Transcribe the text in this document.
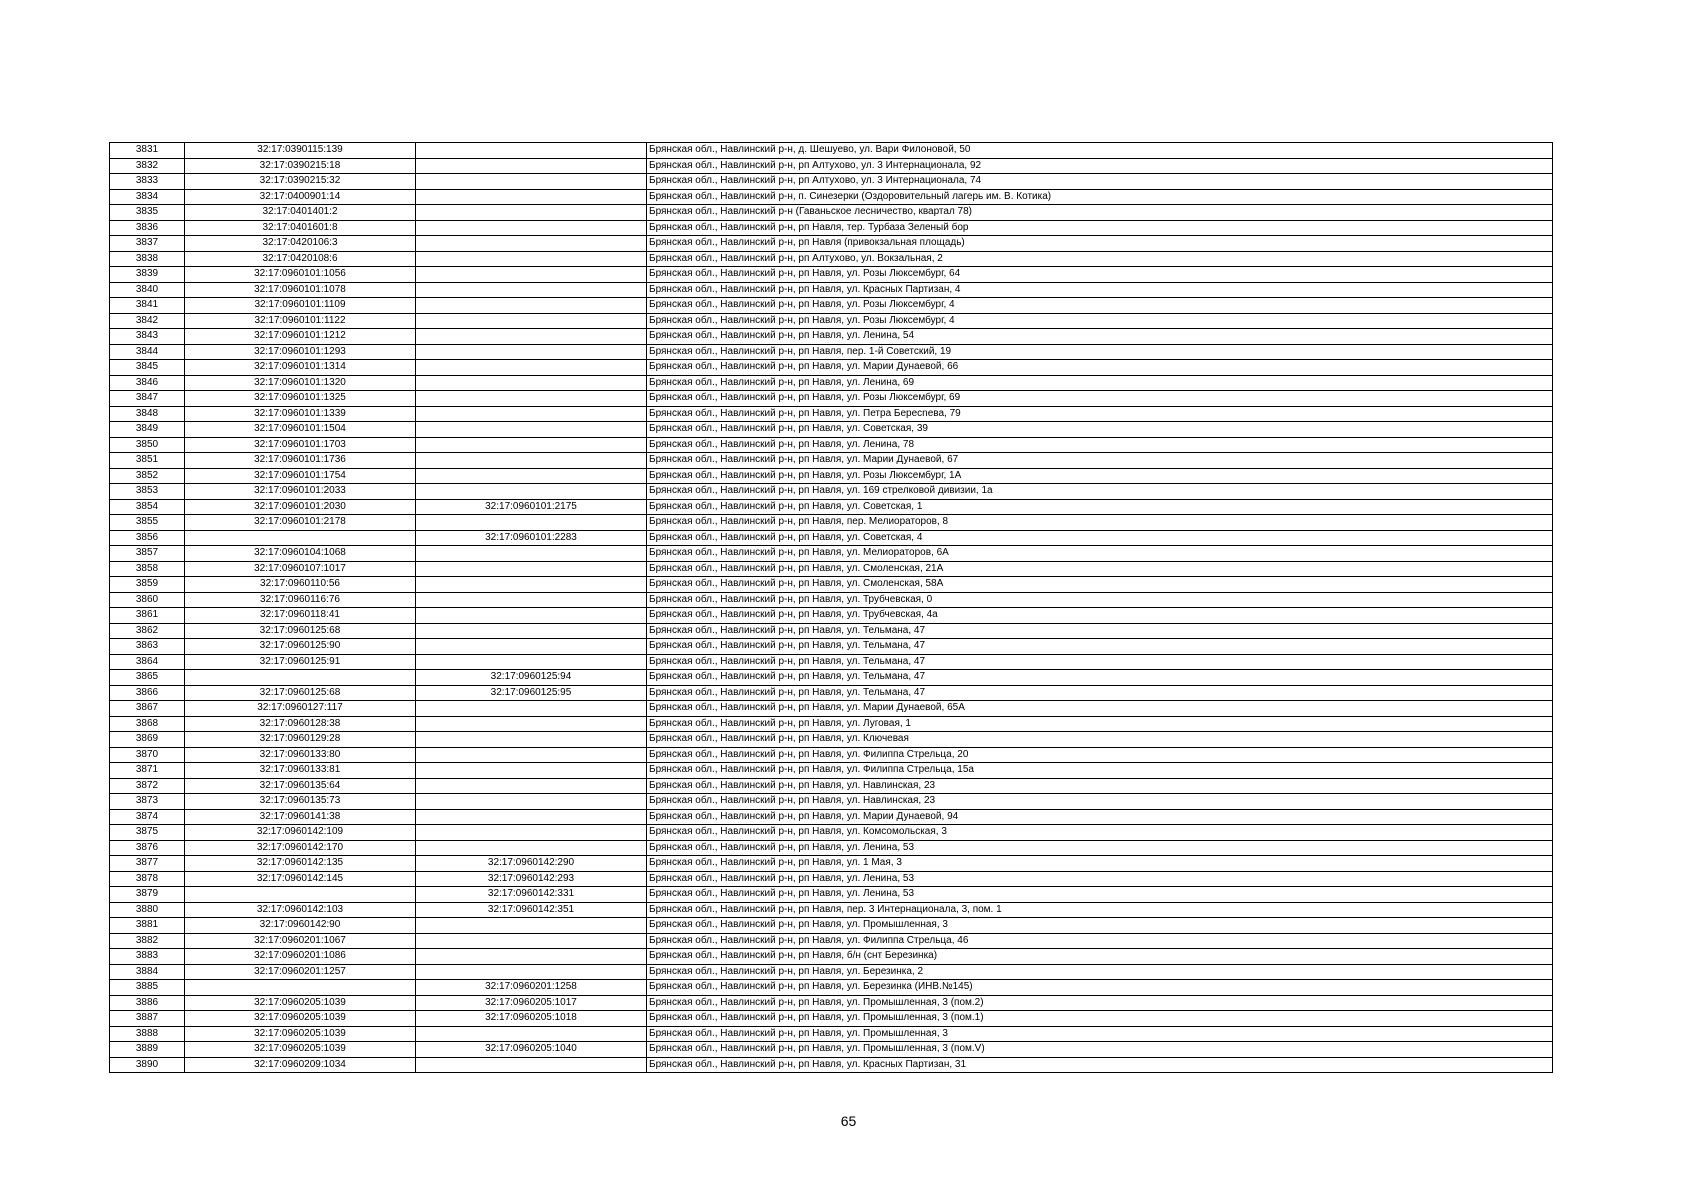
3831	32:17:0390115:139		Брянская обл., Навлинский р-н, д. Шешуево, ул. Вари Филоновой, 50
3832	32:17:0390215:18		Брянская обл., Навлинский р-н, рп Алтухово, ул. 3 Интернационала, 92
3833	32:17:0390215:32		Брянская обл., Навлинский р-н, рп Алтухово, ул. 3 Интернационала, 74
3834	32:17:0400901:14		Брянская обл., Навлинский р-н, п. Синезерки (Оздоровительный лагерь им. В. Котика)
3835	32:17:0401401:2		Брянская обл., Навлинский р-н (Гаваньское лесничество, квартал 78)
3836	32:17:0401601:8		Брянская обл., Навлинский р-н, рп Навля, тер. Турбаза Зеленый бор
3837	32:17:0420106:3		Брянская обл., Навлинский р-н, рп Навля (привокзальная площадь)
3838	32:17:0420108:6		Брянская обл., Навлинский р-н, рп Алтухово, ул. Вокзальная, 2
3839	32:17:0960101:1056		Брянская обл., Навлинский р-н, рп Навля, ул. Розы Люксембург, 64
3840	32:17:0960101:1078		Брянская обл., Навлинский р-н, рп Навля, ул. Красных Партизан, 4
3841	32:17:0960101:1109		Брянская обл., Навлинский р-н, рп Навля, ул. Розы Люксембург, 4
3842	32:17:0960101:1122		Брянская обл., Навлинский р-н, рп Навля, ул. Розы Люксембург, 4
3843	32:17:0960101:1212		Брянская обл., Навлинский р-н, рп Навля, ул. Ленина, 54
3844	32:17:0960101:1293		Брянская обл., Навлинский р-н, рп Навля, пер. 1-й Советский, 19
3845	32:17:0960101:1314		Брянская обл., Навлинский р-н, рп Навля, ул. Марии Дунаевой, 66
3846	32:17:0960101:1320		Брянская обл., Навлинский р-н, рп Навля, ул. Ленина, 69
3847	32:17:0960101:1325		Брянская обл., Навлинский р-н, рп Навля, ул. Розы Люксембург, 69
3848	32:17:0960101:1339		Брянская обл., Навлинский р-н, рп Навля, ул. Петра Бересnева, 79
3849	32:17:0960101:1504		Брянская обл., Навлинский р-н, рп Навля, ул. Советская, 39
3850	32:17:0960101:1703		Брянская обл., Навлинский р-н, рп Навля, ул. Ленина, 78
3851	32:17:0960101:1736		Брянская обл., Навлинский р-н, рп Навля, ул. Марии Дунаевой, 67
3852	32:17:0960101:1754		Брянская обл., Навлинский р-н, рп Навля, ул. Розы Люксембург, 1А
3853	32:17:0960101:2033		Брянская обл., Навлинский р-н, рп Навля, ул. 169 стрелковой дивизии, 1а
3854	32:17:0960101:2030	32:17:0960101:2175	Брянская обл., Навлинский р-н, рп Навля, ул. Советская, 1
3855	32:17:0960101:2178		Брянская обл., Навлинский р-н, рп Навля, пер. Мелиораторов, 8
3856		32:17:0960101:2283	Брянская обл., Навлинский р-н, рп Навля, ул. Советская, 4
3857	32:17:0960104:1068		Брянская обл., Навлинский р-н, рп Навля, ул. Мелиораторов, 6А
3858	32:17:0960107:1017		Брянская обл., Навлинский р-н, рп Навля, ул. Смоленская, 21А
3859	32:17:0960110:56		Брянская обл., Навлинский р-н, рп Навля, ул. Смоленская, 58А
3860	32:17:0960116:76		Брянская обл., Навлинский р-н, рп Навля, ул. Трубчевская, 0
3861	32:17:0960118:41		Брянская обл., Навлинский р-н, рп Навля, ул. Трубчевская, 4а
3862	32:17:0960125:68		Брянская обл., Навлинский р-н, рп Навля, ул. Тельмана, 47
3863	32:17:0960125:90		Брянская обл., Навлинский р-н, рп Навля, ул. Тельмана, 47
3864	32:17:0960125:91		Брянская обл., Навлинский р-н, рп Навля, ул. Тельмана, 47
3865		32:17:0960125:94	Брянская обл., Навлинский р-н, рп Навля, ул. Тельмана, 47
3866	32:17:0960125:68	32:17:0960125:95	Брянская обл., Навлинский р-н, рп Навля, ул. Тельмана, 47
3867	32:17:0960127:117		Брянская обл., Навлинский р-н, рп Навля, ул. Марии Дунаевой, 65А
3868	32:17:0960128:38		Брянская обл., Навлинский р-н, рп Навля, ул. Луговая, 1
3869	32:17:0960129:28		Брянская обл., Навлинский р-н, рп Навля, ул. Ключевая
3870	32:17:0960133:80		Брянская обл., Навлинский р-н, рп Навля, ул. Филиппа Стрельца, 20
3871	32:17:0960133:81		Брянская обл., Навлинский р-н, рп Навля, ул. Филиппа Стрельца, 15а
3872	32:17:0960135:64		Брянская обл., Навлинский р-н, рп Навля, ул. Навлинская, 23
3873	32:17:0960135:73		Брянская обл., Навлинский р-н, рп Навля, ул. Навлинская, 23
3874	32:17:0960141:38		Брянская обл., Навлинский р-н, рп Навля, ул. Марии Дунаевой, 94
3875	32:17:0960142:109		Брянская обл., Навлинский р-н, рп Навля, ул. Комсомольская, 3
3876	32:17:0960142:170		Брянская обл., Навлинский р-н, рп Навля, ул. Ленина, 53
3877	32:17:0960142:135	32:17:0960142:290	Брянская обл., Навлинский р-н, рп Навля, ул. 1 Мая, 3
3878	32:17:0960142:145	32:17:0960142:293	Брянская обл., Навлинский р-н, рп Навля, ул. Ленина, 53
3879		32:17:0960142:331	Брянская обл., Навлинский р-н, рп Навля, ул. Ленина, 53
3880	32:17:0960142:103	32:17:0960142:351	Брянская обл., Навлинский р-н, рп Навля, пер. 3 Интернационала, 3, пом. 1
3881	32:17:0960142:90		Брянская обл., Навлинский р-н, рп Навля, ул. Промышленная, 3
3882	32:17:0960201:1067		Брянская обл., Навлинский р-н, рп Навля, ул. Филиппа Стрельца, 46
3883	32:17:0960201:1086		Брянская обл., Навлинский р-н, рп Навля, б/н (снт Березинка)
3884	32:17:0960201:1257		Брянская обл., Навлинский р-н, рп Навля, ул. Березинка, 2
3885		32:17:0960201:1258	Брянская обл., Навлинский р-н, рп Навля, ул. Березинка (ИНВ.№145)
3886	32:17:0960205:1039	32:17:0960205:1017	Брянская обл., Навлинский р-н, рп Навля, ул. Промышленная, 3 (пом.2)
3887	32:17:0960205:1039	32:17:0960205:1018	Брянская обл., Навлинский р-н, рп Навля, ул. Промышленная, 3 (пом.1)
3888	32:17:0960205:1039		Брянская обл., Навлинский р-н, рп Навля, ул. Промышленная, 3
3889	32:17:0960205:1039	32:17:0960205:1040	Брянская обл., Навлинский р-н, рп Навля, ул. Промышленная, 3 (пом.V)
3890	32:17:0960209:1034		Брянская обл., Навлинский р-н, рп Навля, ул. Красных Партизан, 31
65
